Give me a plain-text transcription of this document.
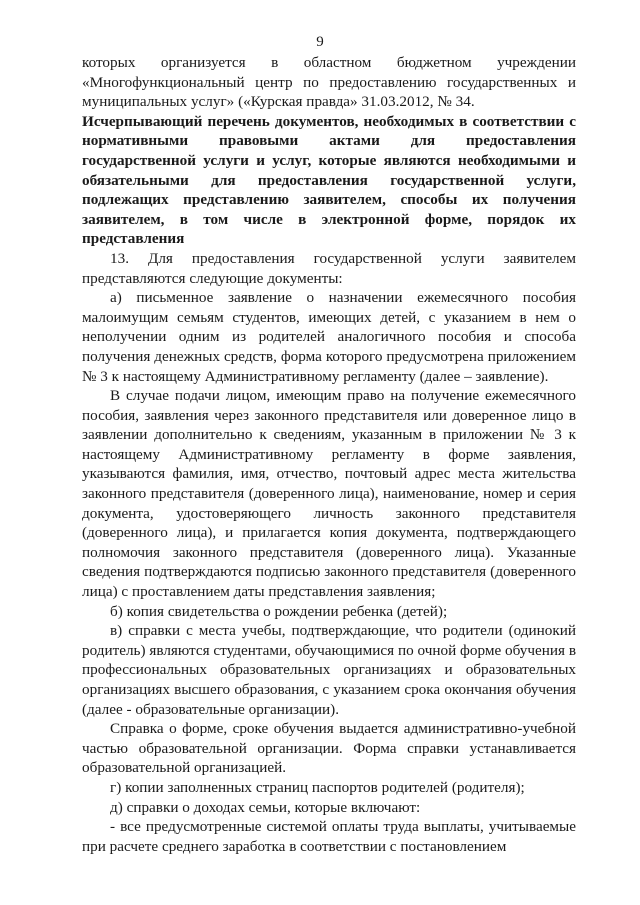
9

которых организуется в областном бюджетном учреждении «Многофункциональный центр по предоставлению государственных и муниципальных услуг» («Курская правда» 31.03.2012, № 34.

Исчерпывающий перечень документов, необходимых в соответствии с нормативными правовыми актами для предоставления государственной услуги и услуг, которые являются необходимыми и обязательными для предоставления государственной услуги, подлежащих представлению заявителем, способы их получения заявителем, в том числе в электронной форме, порядок их представления

13. Для предоставления государственной услуги заявителем представляются следующие документы:

а) письменное заявление о назначении ежемесячного пособия малоимущим семьям студентов, имеющих детей, с указанием в нем о неполучении одним из родителей аналогичного пособия и способа получения денежных средств, форма которого предусмотрена приложением № 3 к настоящему Административному регламенту (далее – заявление).

В случае подачи лицом, имеющим право на получение ежемесячного пособия, заявления через законного представителя или доверенное лицо в заявлении дополнительно к сведениям, указанным в приложении № 3 к настоящему Административному регламенту в форме заявления, указываются фамилия, имя, отчество, почтовый адрес места жительства законного представителя (доверенного лица), наименование, номер и серия документа, удостоверяющего личность законного представителя (доверенного лица), и прилагается копия документа, подтверждающего полномочия законного представителя (доверенного лица). Указанные сведения подтверждаются подписью законного представителя (доверенного лица) с проставлением даты представления заявления;

б) копия свидетельства о рождении ребенка (детей);

в) справки с места учебы, подтверждающие, что родители (одинокий родитель) являются студентами, обучающимися по очной форме обучения в профессиональных образовательных организациях и образовательных организациях высшего образования, с указанием срока окончания обучения (далее - образовательные организации).

Справка о форме, сроке обучения выдается административно-учебной частью образовательной организации. Форма справки устанавливается образовательной организацией.

г) копии заполненных страниц паспортов родителей (родителя);

д) справки о доходах семьи, которые включают:

- все предусмотренные системой оплаты труда выплаты, учитываемые при расчете среднего заработка в соответствии с постановлением
